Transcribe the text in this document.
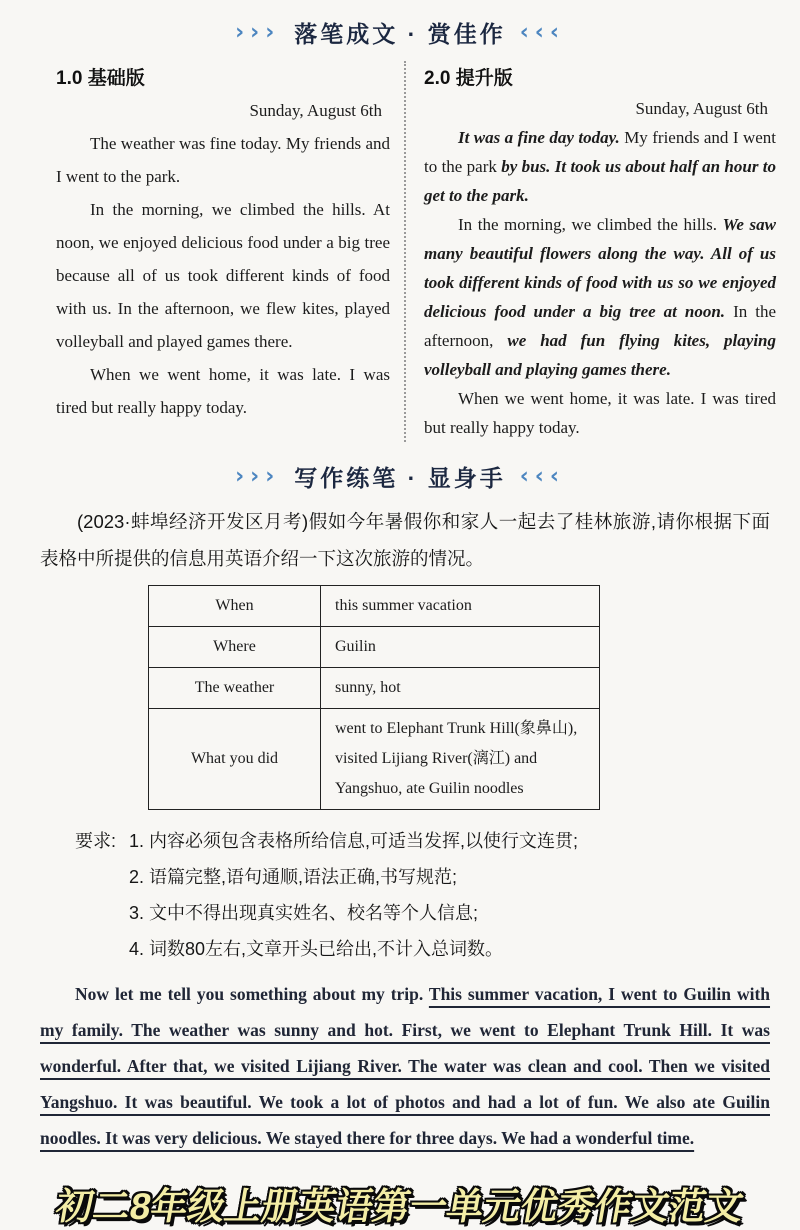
››› 落笔成文 · 赏佳作 ‹‹‹
1.0 基础版
Sunday, August 6th

The weather was fine today. My friends and I went to the park.

In the morning, we climbed the hills. At noon, we enjoyed delicious food under a big tree because all of us took different kinds of food with us. In the afternoon, we flew kites, played volleyball and played games there.

When we went home, it was late. I was tired but really happy today.

2.0 提升版
Sunday, August 6th

It was a fine day today. My friends and I went to the park by bus. It took us about half an hour to get to the park.

In the morning, we climbed the hills. We saw many beautiful flowers along the way. All of us took different kinds of food with us so we enjoyed delicious food under a big tree at noon. In the afternoon, we had fun flying kites, playing volleyball and playing games there.

When we went home, it was late. I was tired but really happy today.

››› 写作练笔 · 显身手 ‹‹‹
(2023·蚌埠经济开发区月考)假如今年暑假你和家人一起去了桂林旅游,请你根据下面表格中所提供的信息用英语介绍一下这次旅游的情况。
When	this summer vacation
Where	Guilin
The weather	sunny, hot
What you did	went to Elephant Trunk Hill(象鼻山), visited Lijiang River(漓江) and Yangshuo, ate Guilin noodles
要求: 1. 内容必须包含表格所给信息,可适当发挥,以使行文连贯;
2. 语篇完整,语句通顺,语法正确,书写规范;
3. 文中不得出现真实姓名、校名等个人信息;
4. 词数80左右,文章开头已给出,不计入总词数。
Now let me tell you something about my trip. This summer vacation, I went to Guilin with my family. The weather was sunny and hot. First, we went to Elephant Trunk Hill. It was wonderful. After that, we visited Lijiang River. The water was clean and cool. Then we visited Yangshuo. It was beautiful. We took a lot of photos and had a lot of fun. We also ate Guilin noodles. It was very delicious. We stayed there for three days. We had a wonderful time.
初二8年级上册英语第一单元优秀作文范文
